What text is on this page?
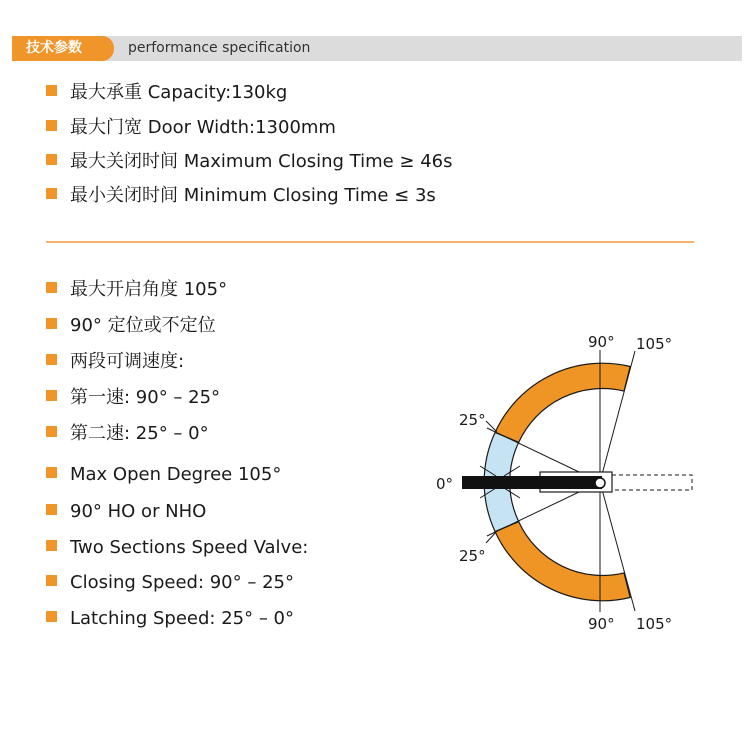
技术参数	performance specification
最大承重 Capacity:130kg
最大门宽 Door Width:1300mm
最大关闭时间 Maximum Closing Time ≥ 46s
最小关闭时间 Minimum Closing Time ≤ 3s
最大开启角度 105°
90° 定位或不定位
两段可调速度:
第一速: 90° – 25°
第二速: 25° – 0°
Max Open Degree 105°
90° HO or NHO
Two Sections Speed Valve:
Closing Speed: 90° – 25°
Latching Speed: 25° – 0°
0°
25°
25°
90° 105°
90° 105°
